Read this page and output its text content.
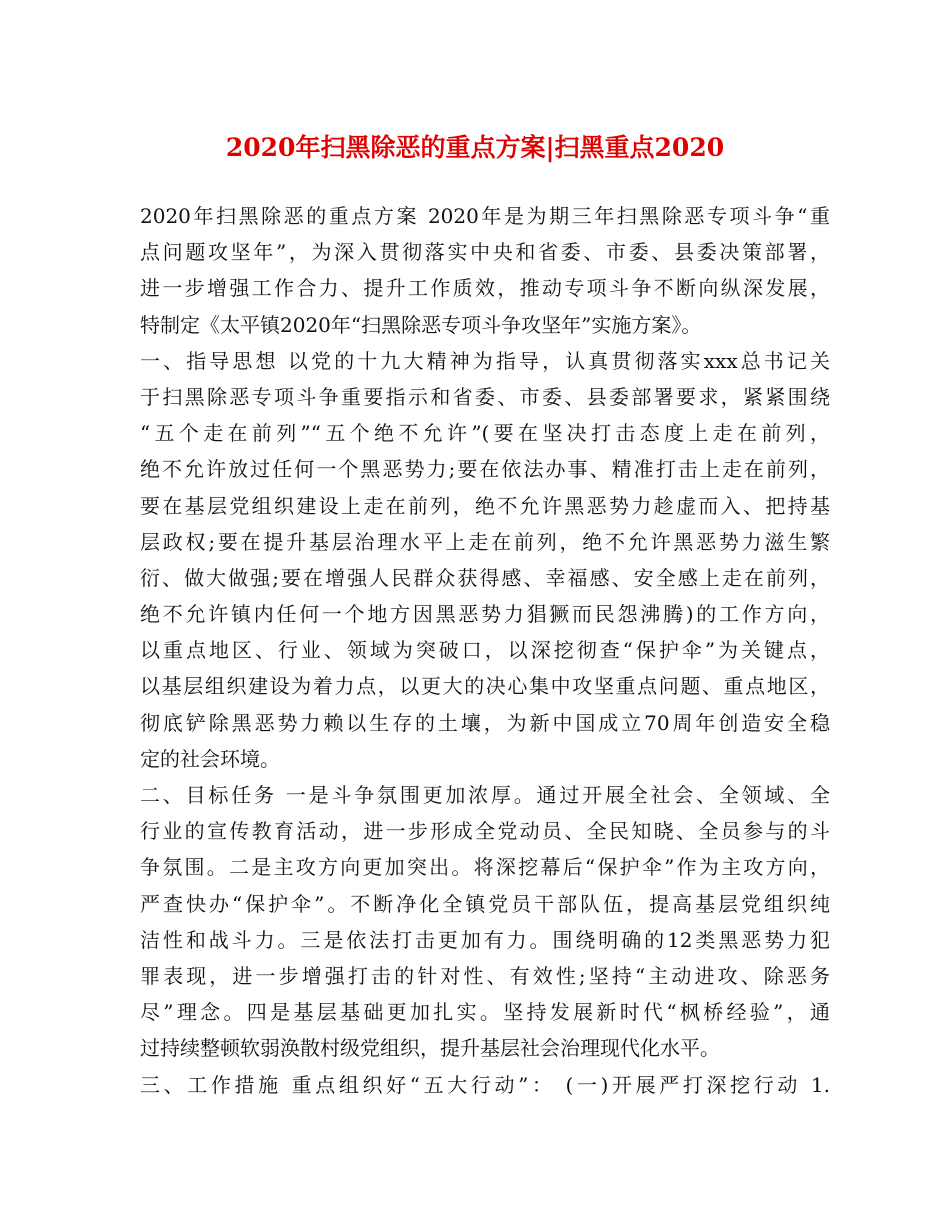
2020年扫黑除恶的重点方案|扫黑重点2020
2020年扫黑除恶的重点方案 2020年是为期三年扫黑除恶专项斗争“重
点问题攻坚年”，为深入贯彻落实中央和省委、市委、县委决策部署，
进一步增强工作合力、提升工作质效，推动专项斗争不断向纵深发展，
特制定《太平镇2020年“扫黑除恶专项斗争攻坚年”实施方案》。
一、指导思想 以党的十九大精神为指导，认真贯彻落实xxx总书记关
于扫黑除恶专项斗争重要指示和省委、市委、县委部署要求，紧紧围绕
“五个走在前列”“五个绝不允许”(要在坚决打击态度上走在前列，
绝不允许放过任何一个黑恶势力;要在依法办事、精准打击上走在前列，
要在基层党组织建设上走在前列，绝不允许黑恶势力趁虚而入、把持基
层政权;要在提升基层治理水平上走在前列，绝不允许黑恶势力滋生繁
衍、做大做强;要在增强人民群众获得感、幸福感、安全感上走在前列，
绝不允许镇内任何一个地方因黑恶势力猖獗而民怨沸腾)的工作方向，
以重点地区、行业、领域为突破口，以深挖彻查“保护伞”为关键点，
以基层组织建设为着力点，以更大的决心集中攻坚重点问题、重点地区，
彻底铲除黑恶势力赖以生存的土壤，为新中国成立70周年创造安全稳
定的社会环境。
二、目标任务 一是斗争氛围更加浓厚。通过开展全社会、全领域、全
行业的宣传教育活动，进一步形成全党动员、全民知晓、全员参与的斗
争氛围。二是主攻方向更加突出。将深挖幕后“保护伞”作为主攻方向，
严查快办“保护伞”。不断净化全镇党员干部队伍，提高基层党组织纯
洁性和战斗力。三是依法打击更加有力。围绕明确的12类黑恶势力犯
罪表现，进一步增强打击的针对性、有效性;坚持“主动进攻、除恶务
尽”理念。四是基层基础更加扎实。坚持发展新时代“枫桥经验”，通
过持续整顿软弱涣散村级党组织，提升基层社会治理现代化水平。
三、工作措施 重点组织好“五大行动”： (一)开展严打深挖行动 1.
